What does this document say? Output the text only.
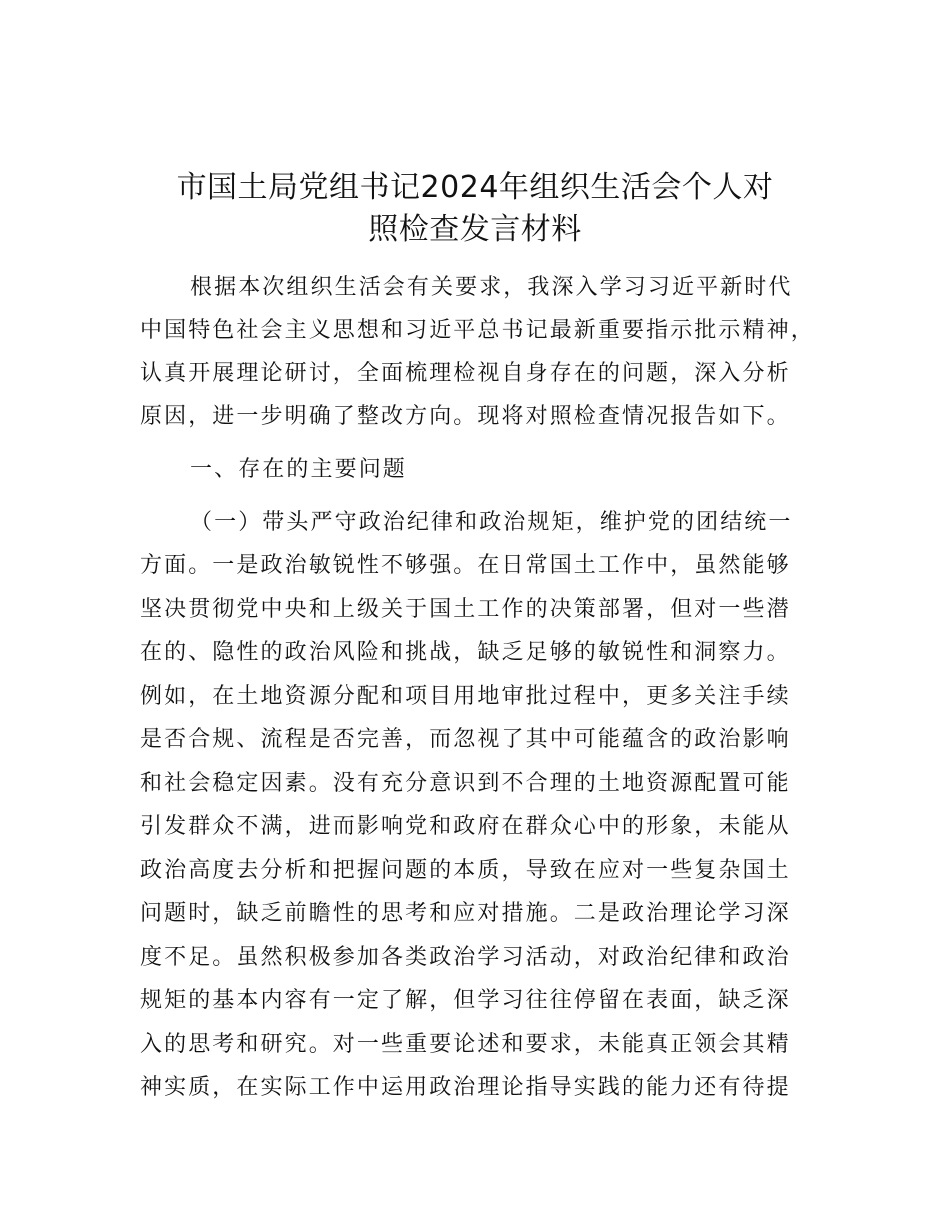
市国土局党组书记2024年组织生活会个人对
照检查发言材料
根据本次组织生活会有关要求，我深入学习习近平新时代
中国特色社会主义思想和习近平总书记最新重要指示批示精神，
认真开展理论研讨，全面梳理检视自身存在的问题，深入分析
原因，进一步明确了整改方向。现将对照检查情况报告如下。
一、存在的主要问题
（一）带头严守政治纪律和政治规矩，维护党的团结统一
方面。一是政治敏锐性不够强。在日常国土工作中，虽然能够
坚决贯彻党中央和上级关于国土工作的决策部署，但对一些潜
在的、隐性的政治风险和挑战，缺乏足够的敏锐性和洞察力。
例如，在土地资源分配和项目用地审批过程中，更多关注手续
是否合规、流程是否完善，而忽视了其中可能蕴含的政治影响
和社会稳定因素。没有充分意识到不合理的土地资源配置可能
引发群众不满，进而影响党和政府在群众心中的形象，未能从
政治高度去分析和把握问题的本质，导致在应对一些复杂国土
问题时，缺乏前瞻性的思考和应对措施。二是政治理论学习深
度不足。虽然积极参加各类政治学习活动，对政治纪律和政治
规矩的基本内容有一定了解，但学习往往停留在表面，缺乏深
入的思考和研究。对一些重要论述和要求，未能真正领会其精
神实质，在实际工作中运用政治理论指导实践的能力还有待提
